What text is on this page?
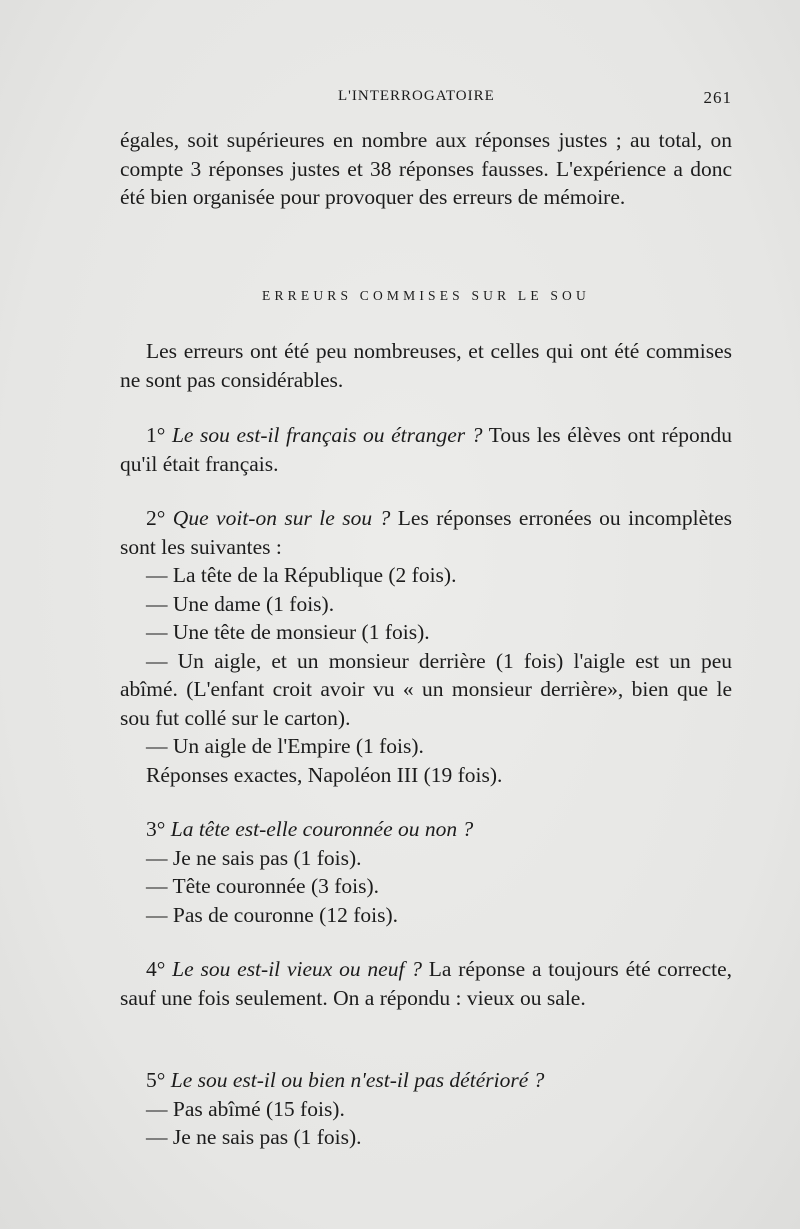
L'INTERROGATOIRE	261

égales, soit supérieures en nombre aux réponses justes ; au total, on compte 3 réponses justes et 38 réponses fausses. L'expérience a donc été bien organisée pour provoquer des erreurs de mémoire.

ERREURS COMMISES SUR LE SOU

Les erreurs ont été peu nombreuses, et celles qui ont été commises ne sont pas considérables.

1° Le sou est-il français ou étranger ? Tous les élèves ont répondu qu'il était français.

2° Que voit-on sur le sou ? Les réponses erronées ou incomplètes sont les suivantes :

— La tête de la République (2 fois).
— Une dame (1 fois).
— Une tête de monsieur (1 fois).

— Un aigle, et un monsieur derrière (1 fois) l'aigle est un peu abîmé. (L'enfant croit avoir vu « un monsieur derrière», bien que le sou fut collé sur le carton).

— Un aigle de l'Empire (1 fois).
Réponses exactes, Napoléon III (19 fois).

3° La tête est-elle couronnée ou non ?

— Je ne sais pas (1 fois).
— Tête couronnée (3 fois).
— Pas de couronne (12 fois).

4° Le sou est-il vieux ou neuf ? La réponse a toujours été correcte, sauf une fois seulement. On a répondu : vieux ou sale.

5° Le sou est-il ou bien n'est-il pas détérioré ?

— Pas abîmé (15 fois).
— Je ne sais pas (1 fois).
